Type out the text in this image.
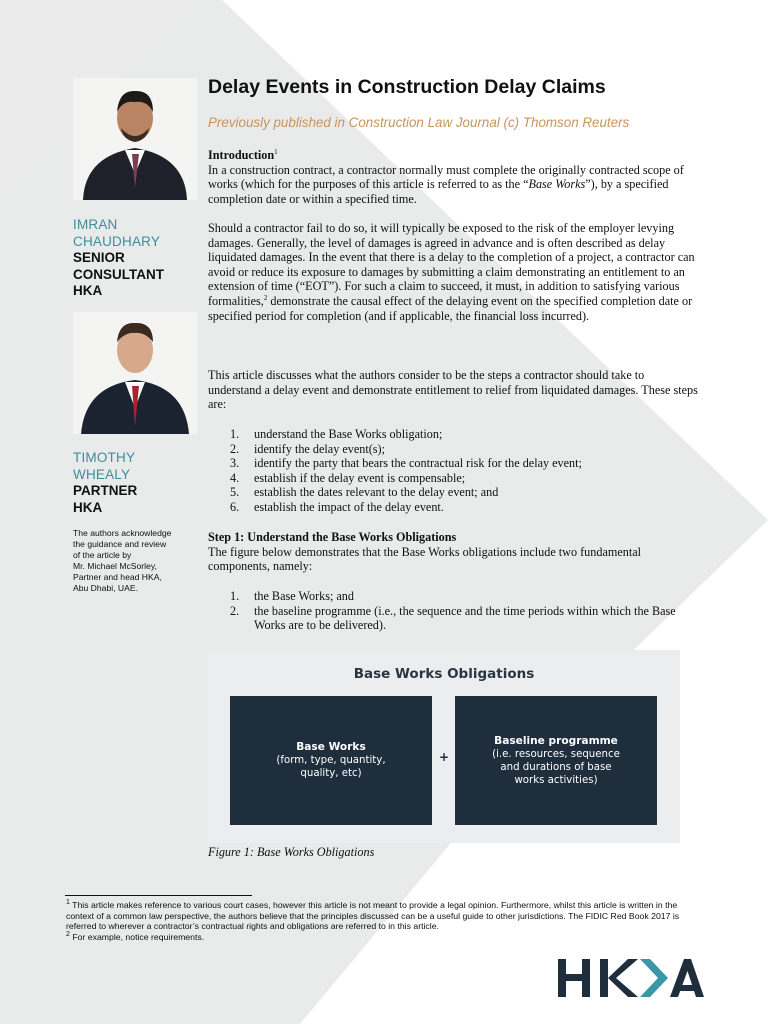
IMRAN
CHAUDHARY
SENIOR
CONSULTANT
HKA
TIMOTHY
WHEALY
PARTNER
HKA
The authors acknowledge
the guidance and review
of the article by
Mr. Michael McSorley,
Partner and head HKA,
Abu Dhabi, UAE.
Delay Events in Construction Delay Claims
Previously published in Construction Law Journal (c) Thomson Reuters

Introduction$^1$

In a construction contract, a contractor normally must complete the originally contracted scope of works (which for the purposes of this article is referred to as the “Base Works”), by a specified completion date or within a specified time.

Should a contractor fail to do so, it will typically be exposed to the risk of the employer levying damages. Generally, the level of damages is agreed in advance and is often described as delay liquidated damages. In the event that there is a delay to the completion of a project, a contractor can avoid or reduce its exposure to damages by submitting a claim demonstrating an entitlement to an extension of time (“EOT”). For such a claim to succeed, it must, in addition to satisfying various formalities,$^2$ demonstrate the causal effect of the delaying event on the specified completion date or specified period for completion (and if applicable, the financial loss incurred).

This article discusses what the authors consider to be the steps a contractor should take to understand a delay event and demonstrate entitlement to relief from liquidated damages. These steps are:

1. understand the Base Works obligation;
2. identify the delay event(s);
3. identify the party that bears the contractual risk for the delay event;
4. establish if the delay event is compensable;
5. establish the dates relevant to the delay event; and
6. establish the impact of the delay event.

Step 1: Understand the Base Works Obligations

The figure below demonstrates that the Base Works obligations include two fundamental components, namely:

1. the Base Works; and
2. the baseline programme (i.e., the sequence and the time periods within which the Base Works are to be delivered).
Base Works Obligations
Base Works
(form, type, quantity,
quality, etc)
+
Baseline programme
(i.e. resources, sequence
and durations of base
works activities)
Figure 1: Base Works Obligations

$^1$ This article makes reference to various court cases, however this article is not meant to provide a legal opinion. Furthermore, whilst this article is written in the context of a common law perspective, the authors believe that the principles discussed can be a useful guide to other jurisdictions. The FIDIC Red Book 2017 is referred to wherever a contractor’s contractual rights and obligations are referred to in this article.

$^2$ For example, notice requirements.
